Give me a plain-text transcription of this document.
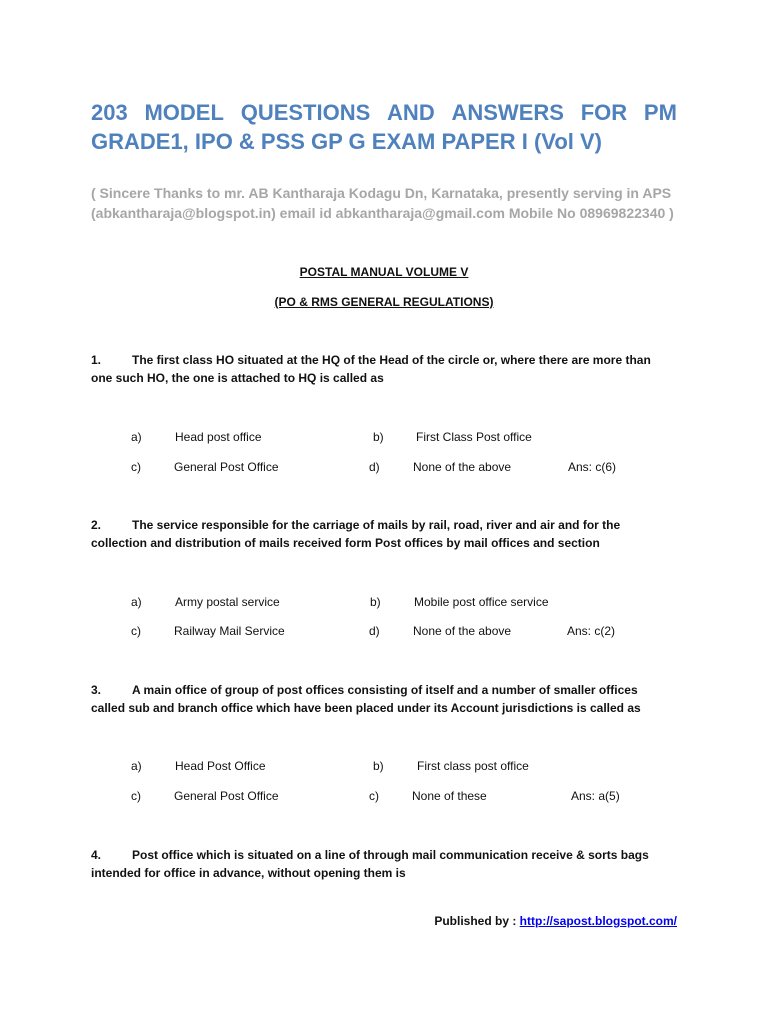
203 MODEL QUESTIONS AND ANSWERS FOR PM
GRADE1, IPO & PSS GP G EXAM PAPER I (Vol V)
( Sincere Thanks to mr. AB Kantharaja Kodagu Dn, Karnataka, presently serving in APS
(abkantharaja@blogspot.in) email id abkantharaja@gmail.com Mobile No 08969822340 )
POSTAL MANUAL VOLUME V
(PO & RMS GENERAL REGULATIONS)
1.	The first class HO situated at the HQ of the Head of the circle or, where there are more than
one such HO, the one is attached to HQ is called as
a)	Head post office	b)	First Class Post office
c)	General Post Office	d)	None of the above	Ans: c(6)
2.	The service responsible for the carriage of mails by rail, road, river and air and for the
collection and distribution of mails received form Post offices by mail offices and section
a)	Army postal service	b)	Mobile post office service
c)	Railway Mail Service	d)	None of the above	Ans: c(2)
3.	A main office of group of post offices consisting of itself and a number of smaller offices
called sub and branch office which have been placed under its Account jurisdictions is called as
a)	Head Post Office	b)	First class post office
c)	General Post Office	c)	None of these	Ans: a(5)
4.	Post office which is situated on a line of through mail communication receive & sorts bags
intended for office in advance, without opening them is
Published by : http://sapost.blogspot.com/
